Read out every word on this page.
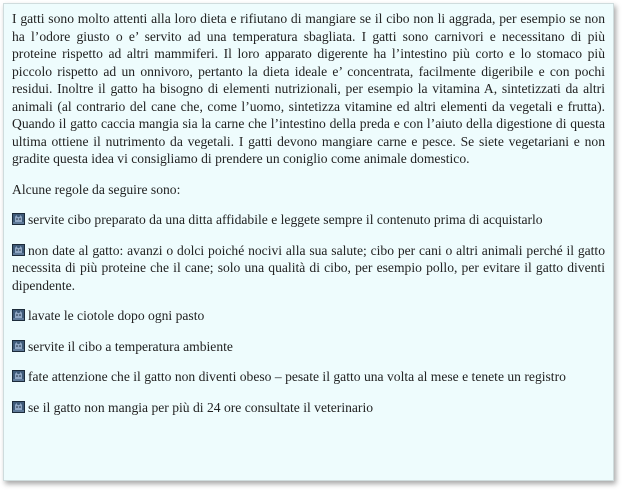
I gatti sono molto attenti alla loro dieta e rifiutano di mangiare se il cibo non li aggrada, per esempio se non ha l’odore giusto o e’ servito ad una temperatura sbagliata. I gatti sono carnivori e necessitano di più proteine rispetto ad altri mammiferi. Il loro apparato digerente ha l’intestino più corto e lo stomaco più piccolo rispetto ad un onnivoro, pertanto la dieta ideale e’ concentrata, facilmente digeribile e con pochi residui. Inoltre il gatto ha bisogno di elementi nutrizionali, per esempio la vitamina A, sintetizzati da altri animali (al contrario del cane che, come l’uomo, sintetizza vitamine ed altri elementi da vegetali e frutta). Quando il gatto caccia mangia sia la carne che l’intestino della preda e con l’aiuto della digestione di questa ultima ottiene il nutrimento da vegetali. I gatti devono mangiare carne e pesce. Se siete vegetariani e non gradite questa idea vi consigliamo di prendere un coniglio come animale domestico.

Alcune regole da seguire sono:

servite cibo preparato da una ditta affidabile e leggete sempre il contenuto prima di acquistarlo

non date al gatto: avanzi o dolci poiché nocivi alla sua salute; cibo per cani o altri animali perché il gatto necessita di più proteine che il cane; solo una qualità di cibo, per esempio pollo, per evitare il gatto diventi dipendente.

lavate le ciotole dopo ogni pasto

servite il cibo a temperatura ambiente

fate attenzione che il gatto non diventi obeso – pesate il gatto una volta al mese e tenete un registro

se il gatto non mangia per più di 24 ore consultate il veterinario
